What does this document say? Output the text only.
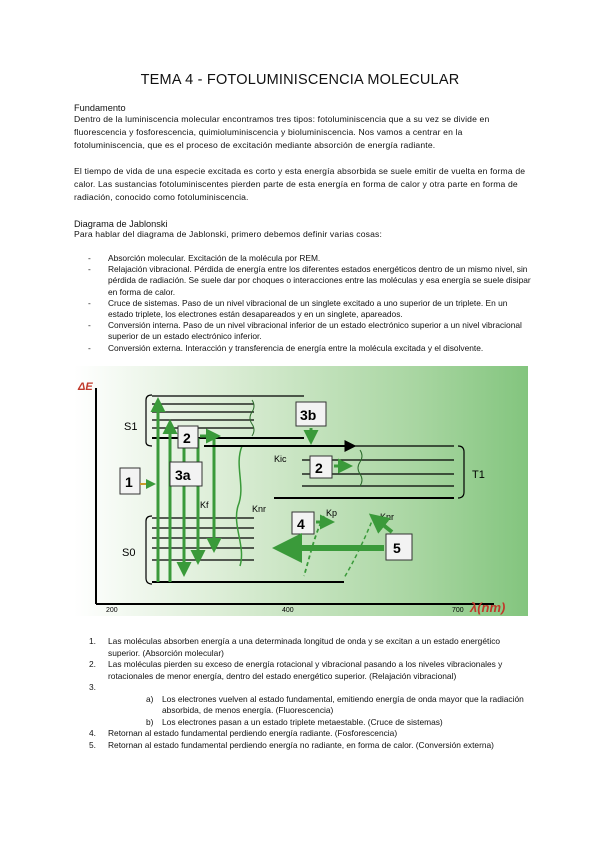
TEMA 4 - FOTOLUMINISCENCIA MOLECULAR
Fundamento
Dentro de la luminiscencia molecular encontramos tres tipos: fotoluminiscencia que a su vez se divide en fluorescencia y fosforescencia, quimioluminiscencia y bioluminiscencia. Nos vamos a centrar en la fotoluminiscencia, que es el proceso de excitación mediante absorción de energía radiante.
El tiempo de vida de una especie excitada es corto y esta energía absorbida se suele emitir de vuelta en forma de calor. Las sustancias fotoluminiscentes pierden parte de esta energía en forma de calor y otra parte en forma de radiación, conocido como fotoluminiscencia.
Diagrama de Jablonski
Para hablar del diagrama de Jablonski, primero debemos definir varias cosas:
- Absorción molecular. Excitación de la molécula por REM.
- Relajación vibracional. Pérdida de energía entre los diferentes estados energéticos dentro de un mismo nivel, sin pérdida de radiación. Se suele dar por choques o interacciones entre las moléculas y esa energía se suele disipar en forma de calor.
- Cruce de sistemas. Paso de un nivel vibracional de un singlete excitado a uno superior de un triplete. En un estado triplete, los electrones están desapareados y en un singlete, apareados.
- Conversión interna. Paso de un nivel vibracional inferior de un estado electrónico superior a un nivel vibracional superior de un estado electrónico inferior.
- Conversión externa. Interacción y transferencia de energía entre la molécula excitada y el disolvente.
ΔE
λ(nm)
200	400	700
S1
S0
T1
Kic
Kf	Knr	Kp	Knr
1
2
3a
3b
2
4
5
1. Las moléculas absorben energía a una determinada longitud de onda y se excitan a un estado energético superior. (Absorción molecular)
2. Las moléculas pierden su exceso de energía rotacional y vibracional pasando a los niveles vibracionales y rotacionales de menor energía, dentro del estado energético superior. (Relajación vibracional)
3.

a) Los electrones vuelven al estado fundamental, emitiendo energía de onda mayor que la radiación absorbida, de menos energía. (Fluorescencia)
b) Los electrones pasan a un estado triplete metaestable. (Cruce de sistemas)
4. Retornan al estado fundamental perdiendo energía radiante. (Fosforescencia)
5. Retornan al estado fundamental perdiendo energía no radiante, en forma de calor. (Conversión externa)
